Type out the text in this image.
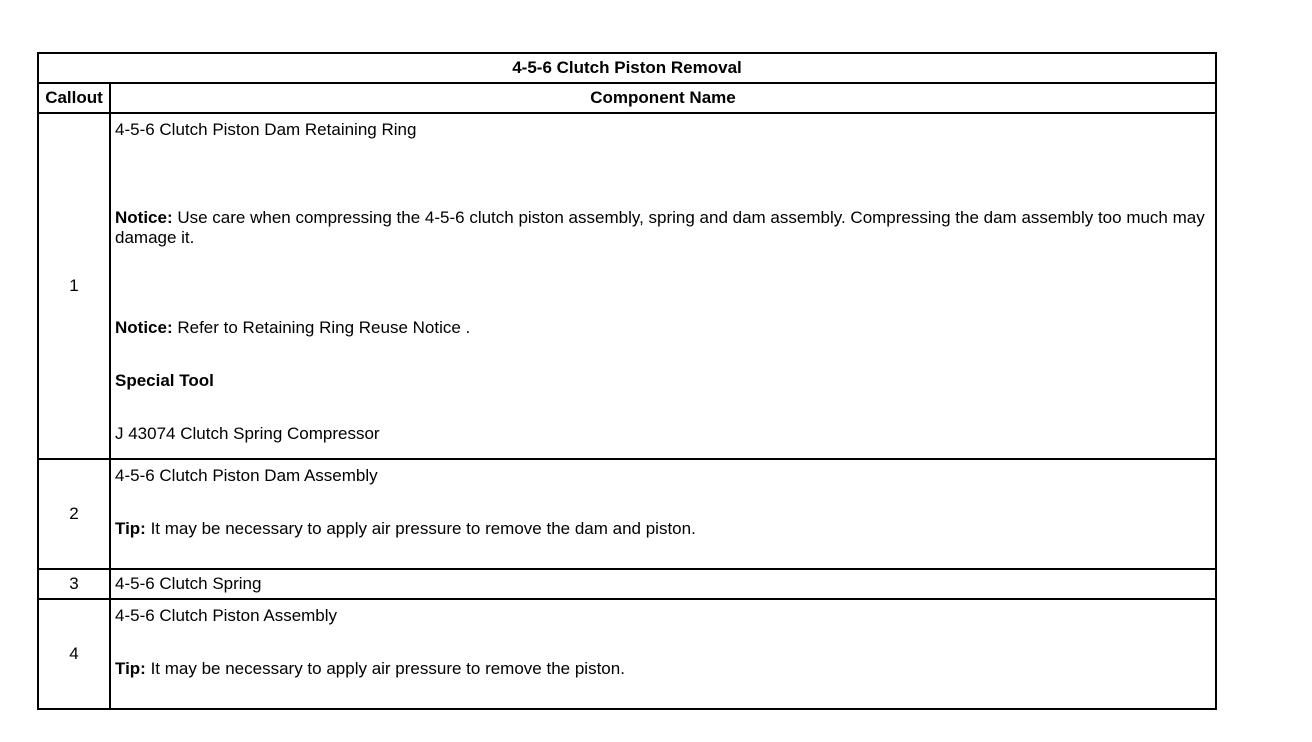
4-5-6 Clutch Piston Removal	
Callout	Component Name
1	4-5-6 Clutch Piston Dam Retaining Ring
Notice: Use care when compressing the 4-5-6 clutch piston assembly, spring and dam assembly. Compressing the dam assembly too much may damage it.
Notice: Refer to Retaining Ring Reuse Notice .
Special Tool
J 43074 Clutch Spring Compressor

2	4-5-6 Clutch Piston Dam Assembly
Tip: It may be necessary to apply air pressure to remove the dam and piston.

3	4-5-6 Clutch Spring

4	4-5-6 Clutch Piston Assembly
Tip: It may be necessary to apply air pressure to remove the piston.
